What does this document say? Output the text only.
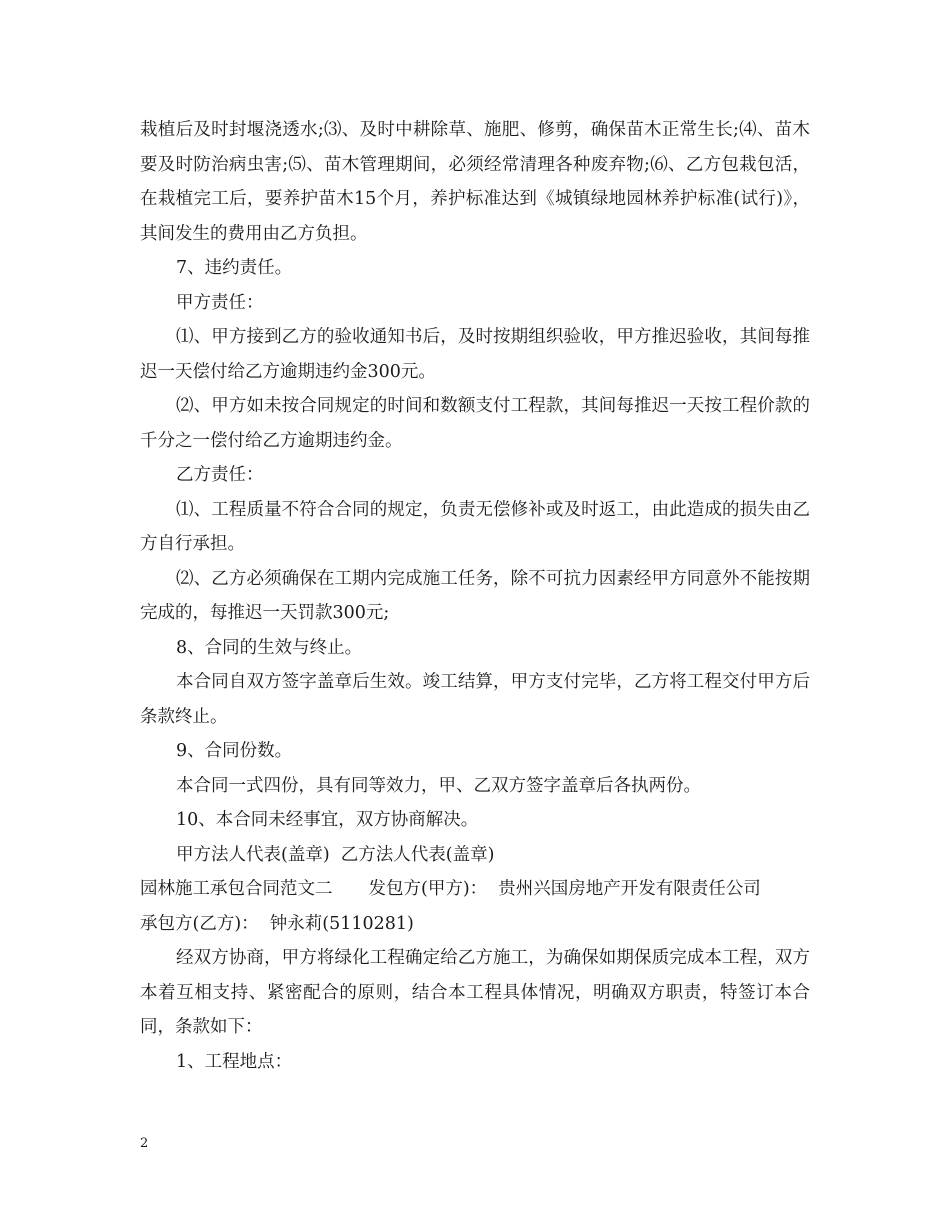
栽植后及时封堰浇透水;⑶、及时中耕除草、施肥、修剪，确保苗木正常生长;⑷、苗木要及时防治病虫害;⑸、苗木管理期间，必须经常清理各种废弃物;⑹、乙方包栽包活，在栽植完工后，要养护苗木15个月，养护标准达到《城镇绿地园林养护标准(试行)》，其间发生的费用由乙方负担。

7、违约责任。

甲方责任：

⑴、甲方接到乙方的验收通知书后，及时按期组织验收，甲方推迟验收，其间每推迟一天偿付给乙方逾期违约金300元。

⑵、甲方如未按合同规定的时间和数额支付工程款，其间每推迟一天按工程价款的千分之一偿付给乙方逾期违约金。

乙方责任：

⑴、工程质量不符合合同的规定，负责无偿修补或及时返工，由此造成的损失由乙方自行承担。

⑵、乙方必须确保在工期内完成施工任务，除不可抗力因素经甲方同意外不能按期完成的，每推迟一天罚款300元;

8、合同的生效与终止。

本合同自双方签字盖章后生效。竣工结算，甲方支付完毕，乙方将工程交付甲方后条款终止。

9、合同份数。

本合同一式四份，具有同等效力，甲、乙双方签字盖章后各执两份。

10、本合同未经事宜，双方协商解决。

甲方法人代表(盖章)  乙方法人代表(盖章)

园林施工承包合同范文二 发包方(甲方)：  贵州兴国房地产开发有限责任公司

承包方(乙方)：  钟永莉(5110281)

经双方协商，甲方将绿化工程确定给乙方施工，为确保如期保质完成本工程，双方本着互相支持、紧密配合的原则，结合本工程具体情况，明确双方职责，特签订本合同，条款如下：

1、工程地点：

2
